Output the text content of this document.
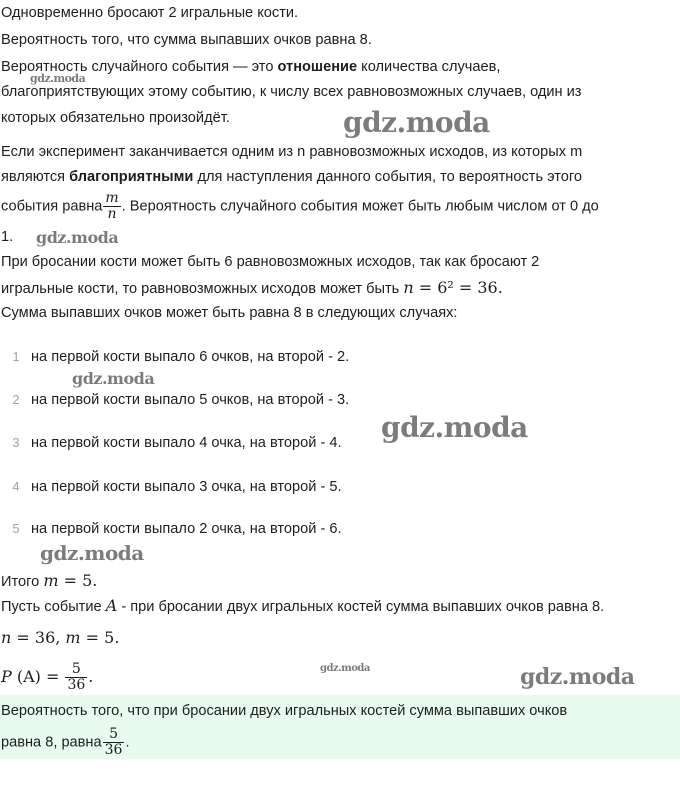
Одновременно бросают 2 игральные кости.

Вероятность того, что сумма выпавших очков равна 8.

Вероятность случайного события — это отношение количества случаев,

благоприятствующих этому событию, к числу всех равновозможных случаев, один из

которых обязательно произойдёт.

Если эксперимент заканчивается одним из n равновозможных исходов, из которых m

являются благоприятными для наступления данного события, то вероятность этого

события равна $\frac{m}{n}$ . Вероятность случайного события может быть любым числом от 0 до

1.

При бросании кости может быть 6 равновозможных исходов, так как бросают 2

игральные кости, то равновозможных исходов может быть n = 6² = 36.

Сумма выпавших очков может быть равна 8 в следующих случаях:

1 на первой кости выпало 6 очков, на второй - 2.
2 на первой кости выпало 5 очков, на второй - 3.
3 на первой кости выпало 4 очка, на второй - 4.
4 на первой кости выпало 3 очка, на второй - 5.
5 на первой кости выпало 2 очка, на второй - 6.

Итого m = 5.

Пусть событие A - при бросании двух игральных костей сумма выпавших очков равна 8.

n = 36, m = 5.

P $(A) = \frac{5}{36}$ .

Вероятность того, что при бросании двух игральных костей сумма выпавших очков

равна 8, равна $\frac{5}{36}$ .

gdz.moda
gdz.moda
gdz.moda
gdz.moda
gdz.moda
gdz.moda
gdz.moda	gdz.moda
